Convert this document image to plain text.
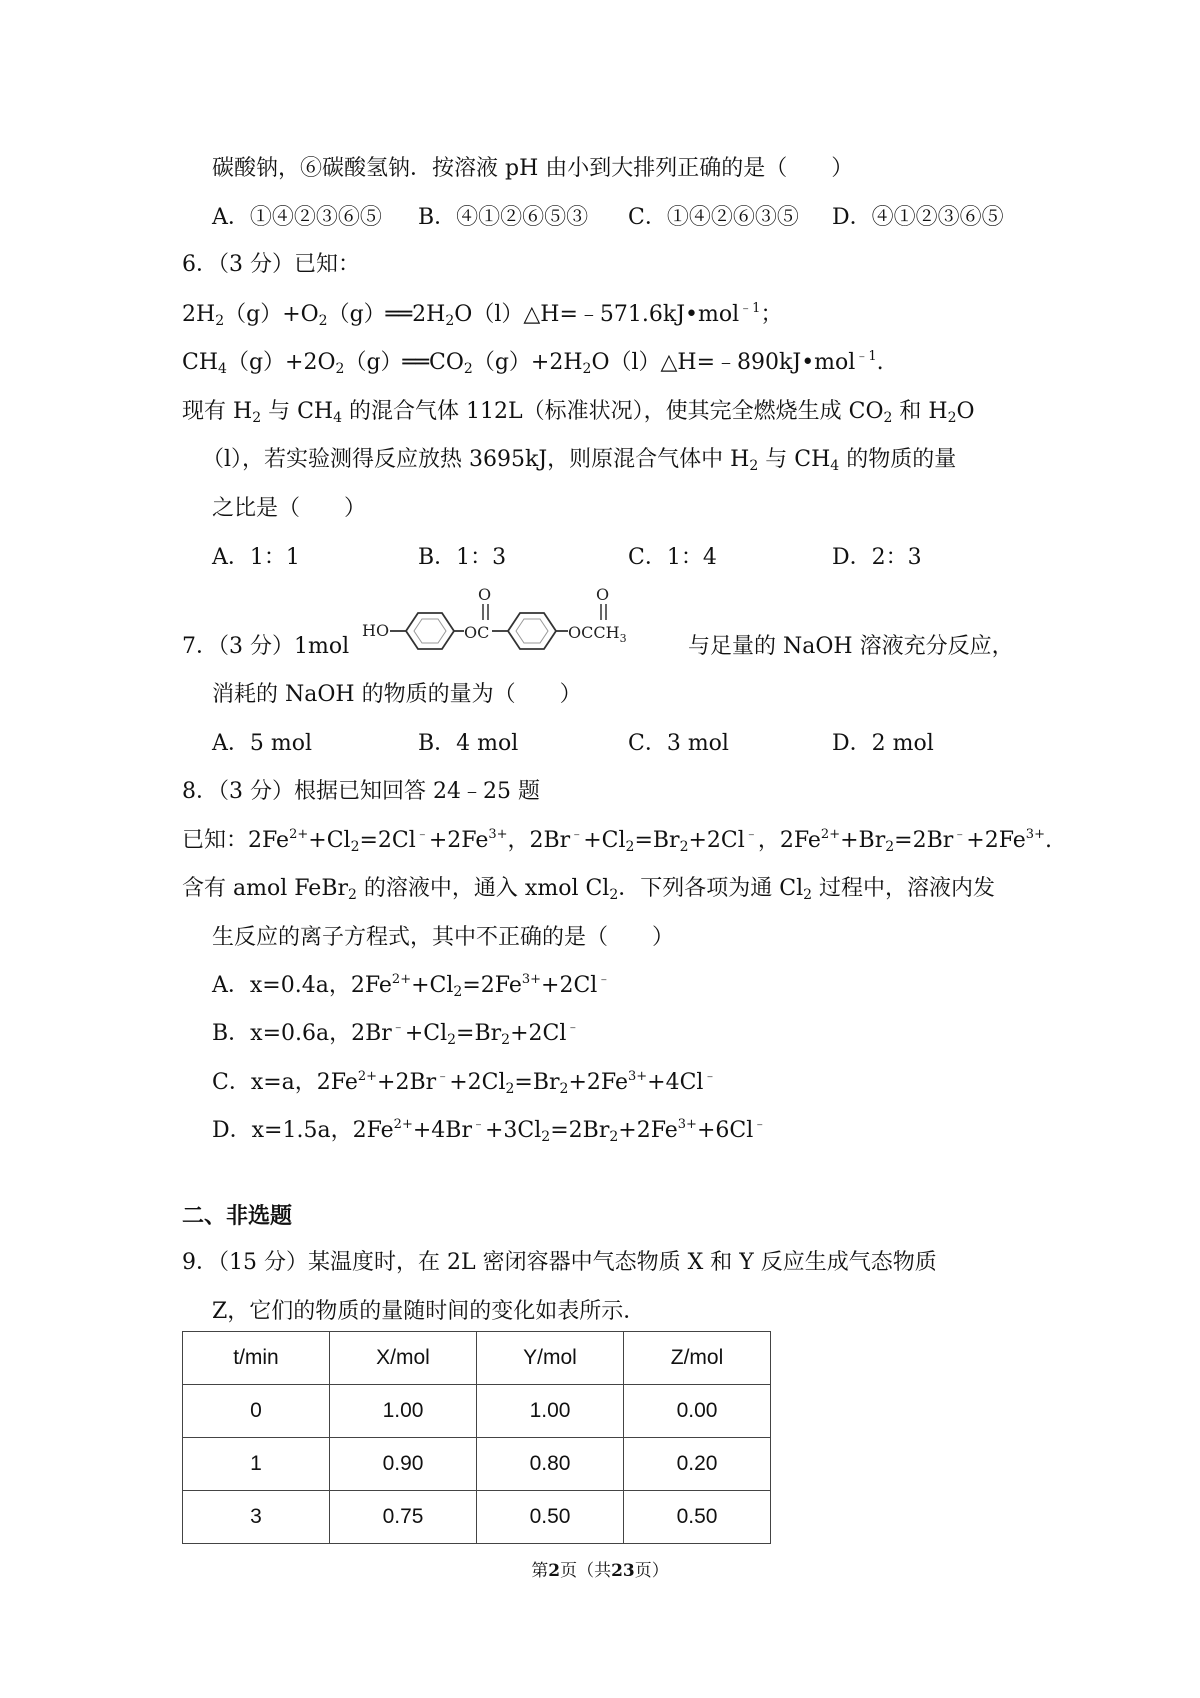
碳酸钠，⑥碳酸氢钠．按溶液 pH 由小到大排列正确的是（　　）
A．①④②③⑥⑤ B．④①②⑥⑤③ C．①④②⑥③⑤ D．④①②③⑥⑤
6．（3 分）已知：
$2H_2(g)+O_2(g)══2H_2O(l)\triangle H=﹣571.6kJ•mol^{﹣1}$；
$CH_4(g)+2O_2(g)══CO_2(g)+2H_2O(l)\triangle H=﹣890kJ•mol^{﹣1}$.
现有 $H_2$ 与 $CH_4$ 的混合气体 112L（标准状况），使其完全燃烧生成 $CO_2$ 和 $H_2O$
（l），若实验测得反应放热 3695kJ，则原混合气体中 $H_2$ 与 $CH_4$ 的物质的量
之比是（　　）
A．1：1	B．1：3	C．1：4	D．2：3
7．（3 分）1mol
HO	OC
O
$OCCH_3$
O
与足量的 NaOH 溶液充分反应，
消耗的 NaOH 的物质的量为（　　）
A．5 mol	B．4 mol	C．3 mol	D．2 mol
8．（3 分）根据已知回答 24﹣25 题
已知：$2Fe^{2+}+Cl_2=2Cl^﹣+2Fe^{3+}$，$2Br^﹣+Cl_2=Br_2+2Cl^﹣$，$2Fe^{2+}+Br_2=2Br^﹣+2Fe^{3+}$.
含有 amol FeBr$_2$ 的溶液中，通入 xmol $Cl_2$．下列各项为通 $Cl_2$ 过程中，溶液内发
生反应的离子方程式，其中不正确的是（　　）
A．x=0.4a，$2Fe^{2+}+Cl_2=2Fe^{3+}+2Cl^﹣$
B．x=0.6a，$2Br^﹣+Cl_2=Br_2+2Cl^﹣$
C．x=a，$2Fe^{2+}+2Br^﹣+2Cl_2=Br_2+2Fe^{3+}+4Cl^﹣$
D．x=1.5a，$2Fe^{2+}+4Br^﹣+3Cl_2=2Br_2+2Fe^{3+}+6Cl^﹣$
二、非选题
9．（15 分）某温度时，在 2L 密闭容器中气态物质 X 和 Y 反应生成气态物质
Z，它们的物质的量随时间的变化如表所示．
t/min	X/mol	Y/mol	Z/mol
0	1.00	1.00	0.00
1	0.90	0.80	0.20
3	0.75	0.50	0.50
第2页（共23页）
